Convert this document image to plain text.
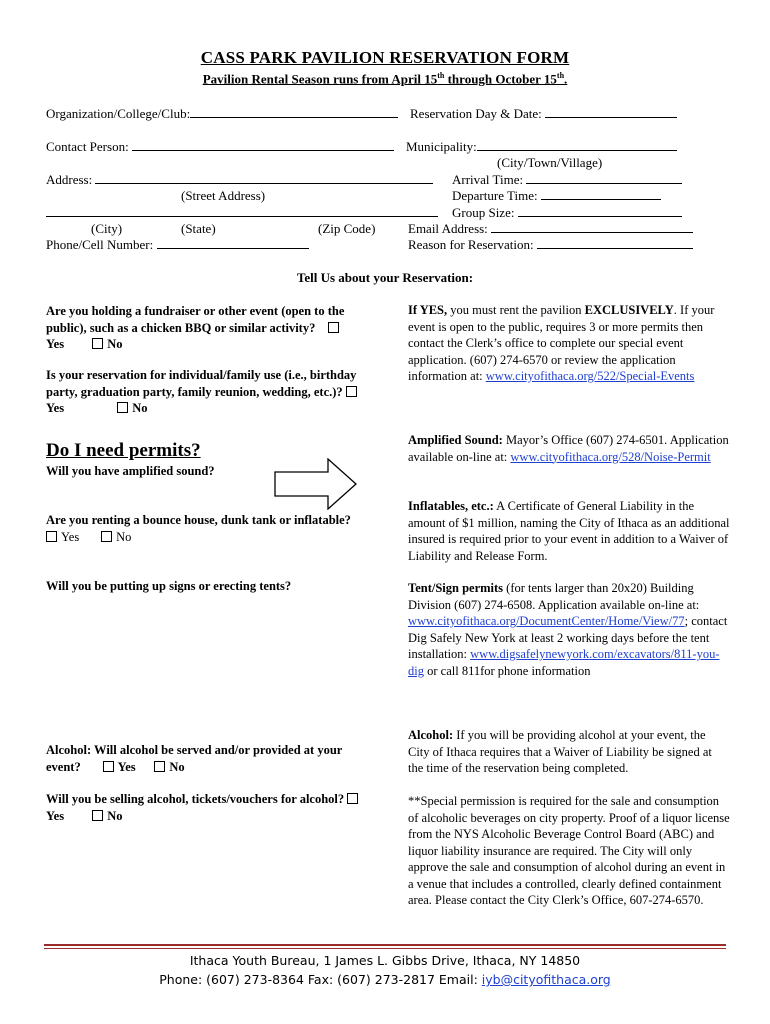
CASS PARK PAVILION RESERVATION FORM
Pavilion Rental Season runs from April 15th through October 15th.
Organization/College/Club:	Reservation Day & Date:
Contact Person:	Municipality:
(City/Town/Village)
Address:	Arrival Time:
(Street Address)	Departure Time:
Group Size:
(City)	(State)	(Zip Code)	Email Address:
Phone/Cell Number:	Reason for Reservation:
Tell Us about your Reservation:
Are you holding a fundraiser or other event (open to the public), such as a chicken BBQ or similar activity?    Yes	No
Is your reservation for individual/family use (i.e., birthday party, graduation party, family reunion, wedding, etc.)? Yes	No
Do I need permits?
Will you have amplified sound?
Are you renting a bounce house, dunk tank or inflatable? Yes	No
Will you be putting up signs or erecting tents?
Alcohol: Will alcohol be served and/or provided at your event?	Yes	No
Will you be selling alcohol, tickets/vouchers for alcohol? Yes	No
If YES, you must rent the pavilion EXCLUSIVELY. If your event is open to the public, requires 3 or more permits then contact the Clerk’s office to complete our special event application. (607) 274-6570 or review the application information at: www.cityofithaca.org/522/Special-Events
Amplified Sound: Mayor’s Office (607) 274-6501. Application available on-line at: www.cityofithaca.org/528/Noise-Permit
Inflatables, etc.: A Certificate of General Liability in the amount of $1 million, naming the City of Ithaca as an additional insured is required prior to your event in addition to a Waiver of Liability and Release Form.
Tent/Sign permits (for tents larger than 20x20) Building Division (607) 274-6508. Application available on-line at: www.cityofithaca.org/DocumentCenter/Home/View/77; contact Dig Safely New York at least 2 working days before the tent installation: www.digsafelynewyork.com/excavators/811-you-dig or call 811for phone information
Alcohol: If you will be providing alcohol at your event, the City of Ithaca requires that a Waiver of Liability be signed at the time of the reservation being completed.
**Special permission is required for the sale and consumption of alcoholic beverages on city property. Proof of a liquor license from the NYS Alcoholic Beverage Control Board (ABC) and liquor liability insurance are required. The City will only approve the sale and consumption of alcohol during an event in a venue that includes a controlled, clearly defined containment area. Please contact the City Clerk’s Office, 607-274-6570.
Ithaca Youth Bureau, 1 James L. Gibbs Drive, Ithaca, NY 14850
Phone: (607) 273-8364 Fax: (607) 273-2817 Email: iyb@cityofithaca.org
